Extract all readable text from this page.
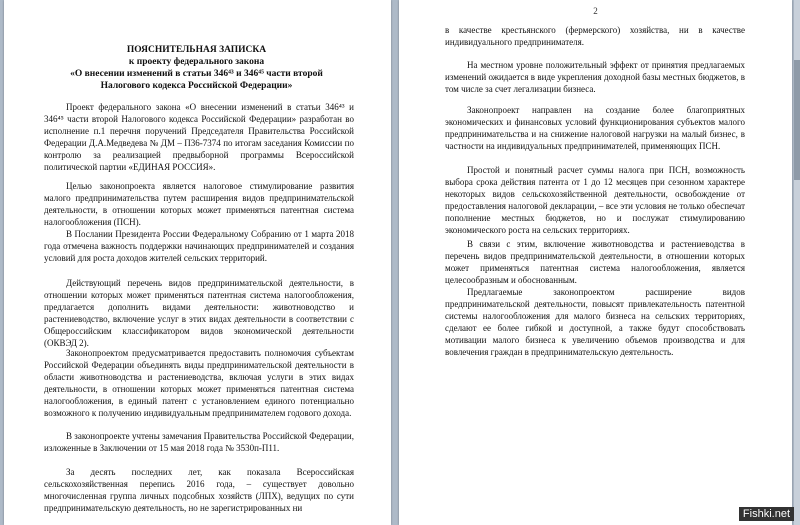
ПОЯСНИТЕЛЬНАЯ ЗАПИСКА
к проекту федерального закона
«О внесении изменений в статьи 346⁴³ и 346⁴⁵ части второй
Налогового кодекса Российской Федерации»

Проект федерального закона «О внесении изменений в статьи 346⁴³ и 346⁴⁵ части второй Налогового кодекса Российской Федерации» разработан во исполнение п.1 перечня поручений Председателя Правительства Российской Федерации Д.А.Медведева № ДМ – П36-7374 по итогам заседания Комиссии по контролю за реализацией предвыборной программы Всероссийской политической партии «ЕДИНАЯ РОССИЯ».

Целью законопроекта является налоговое стимулирование развития малого предпринимательства путем расширения видов предпринимательской деятельности, в отношении которых может применяться патентная система налогообложения (ПСН).

В Послании Президента России Федеральному Собранию от 1 марта 2018 года отмечена важность поддержки начинающих предпринимателей и создания условий для роста доходов жителей сельских территорий.

Действующий перечень видов предпринимательской деятельности, в отношении которых может применяться патентная система налогообложения, предлагается дополнить видами деятельности: животноводство и растениеводство, включение услуг в этих видах деятельности в соответствии с Общероссийским классификатором видов экономической деятельности (ОКВЭД 2).

Законопроектом предусматривается предоставить полномочия субъектам Российской Федерации объединять виды предпринимательской деятельности в области животноводства и растениеводства, включая услуги в этих видах деятельности, в отношении которых может применяться патентная система налогообложения, в единый патент с установлением единого потенциально возможного к получению индивидуальным предпринимателем годового дохода.

В законопроекте учтены замечания Правительства Российской Федерации, изложенные в Заключении от 15 мая 2018 года № 3530п-П11.

За десять последних лет, как показала Всероссийская сельскохозяйственная перепись 2016 года, – существует довольно многочисленная группа личных подсобных хозяйств (ЛПХ), ведущих по сути предпринимательскую деятельность, но не зарегистрированных ни

2

в качестве крестьянского (фермерского) хозяйства, ни в качестве индивидуального предпринимателя.

На местном уровне положительный эффект от принятия предлагаемых изменений ожидается в виде укрепления доходной базы местных бюджетов, в том числе за счет легализации бизнеса.

Законопроект направлен на создание более благоприятных экономических и финансовых условий функционирования субъектов малого предпринимательства и на снижение налоговой нагрузки на малый бизнес, в частности на индивидуальных предпринимателей, применяющих ПСН.

Простой и понятный расчет суммы налога при ПСН, возможность выбора срока действия патента от 1 до 12 месяцев при сезонном характере некоторых видов сельскохозяйственной деятельности, освобождение от предоставления налоговой декларации, – все эти условия не только обеспечат пополнение местных бюджетов, но и послужат стимулированию экономического роста на сельских территориях.

В связи с этим, включение животноводства и растениеводства в перечень видов предпринимательской деятельности, в отношении которых может применяться патентная система налогообложения, является целесообразным и обоснованным.

Предлагаемые законопроектом расширение видов предпринимательской деятельности, повысят привлекательность патентной системы налогообложения для малого бизнеса на сельских территориях, сделают ее более гибкой и доступной, а также будут способствовать мотивации малого бизнеса к увеличению объемов производства и для вовлечения граждан в предпринимательскую деятельность.

Fishki.net
